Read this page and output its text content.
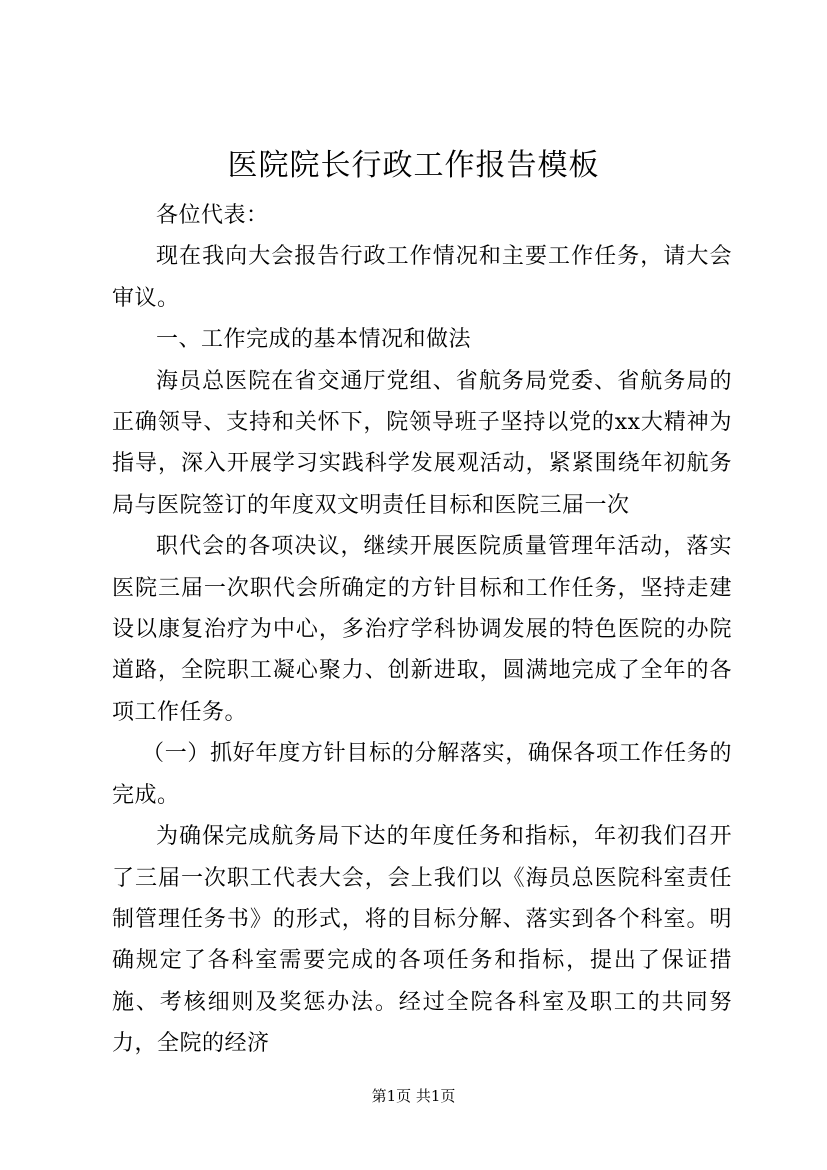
医院院长行政工作报告模板

各位代表：

现在我向大会报告行政工作情况和主要工作任务，请大会审议。

一、工作完成的基本情况和做法

海员总医院在省交通厅党组、省航务局党委、省航务局的正确领导、支持和关怀下，院领导班子坚持以党的xx大精神为指导，深入开展学习实践科学发展观活动，紧紧围绕年初航务局与医院签订的年度双文明责任目标和医院三届一次

职代会的各项决议，继续开展医院质量管理年活动，落实医院三届一次职代会所确定的方针目标和工作任务，坚持走建设以康复治疗为中心，多治疗学科协调发展的特色医院的办院道路，全院职工凝心聚力、创新进取，圆满地完成了全年的各项工作任务。

（一）抓好年度方针目标的分解落实，确保各项工作任务的完成。

为确保完成航务局下达的年度任务和指标，年初我们召开了三届一次职工代表大会，会上我们以《海员总医院科室责任制管理任务书》的形式，将的目标分解、落实到各个科室。明确规定了各科室需要完成的各项任务和指标，提出了保证措施、考核细则及奖惩办法。经过全院各科室及职工的共同努力，全院的经济

第1页 共1页
